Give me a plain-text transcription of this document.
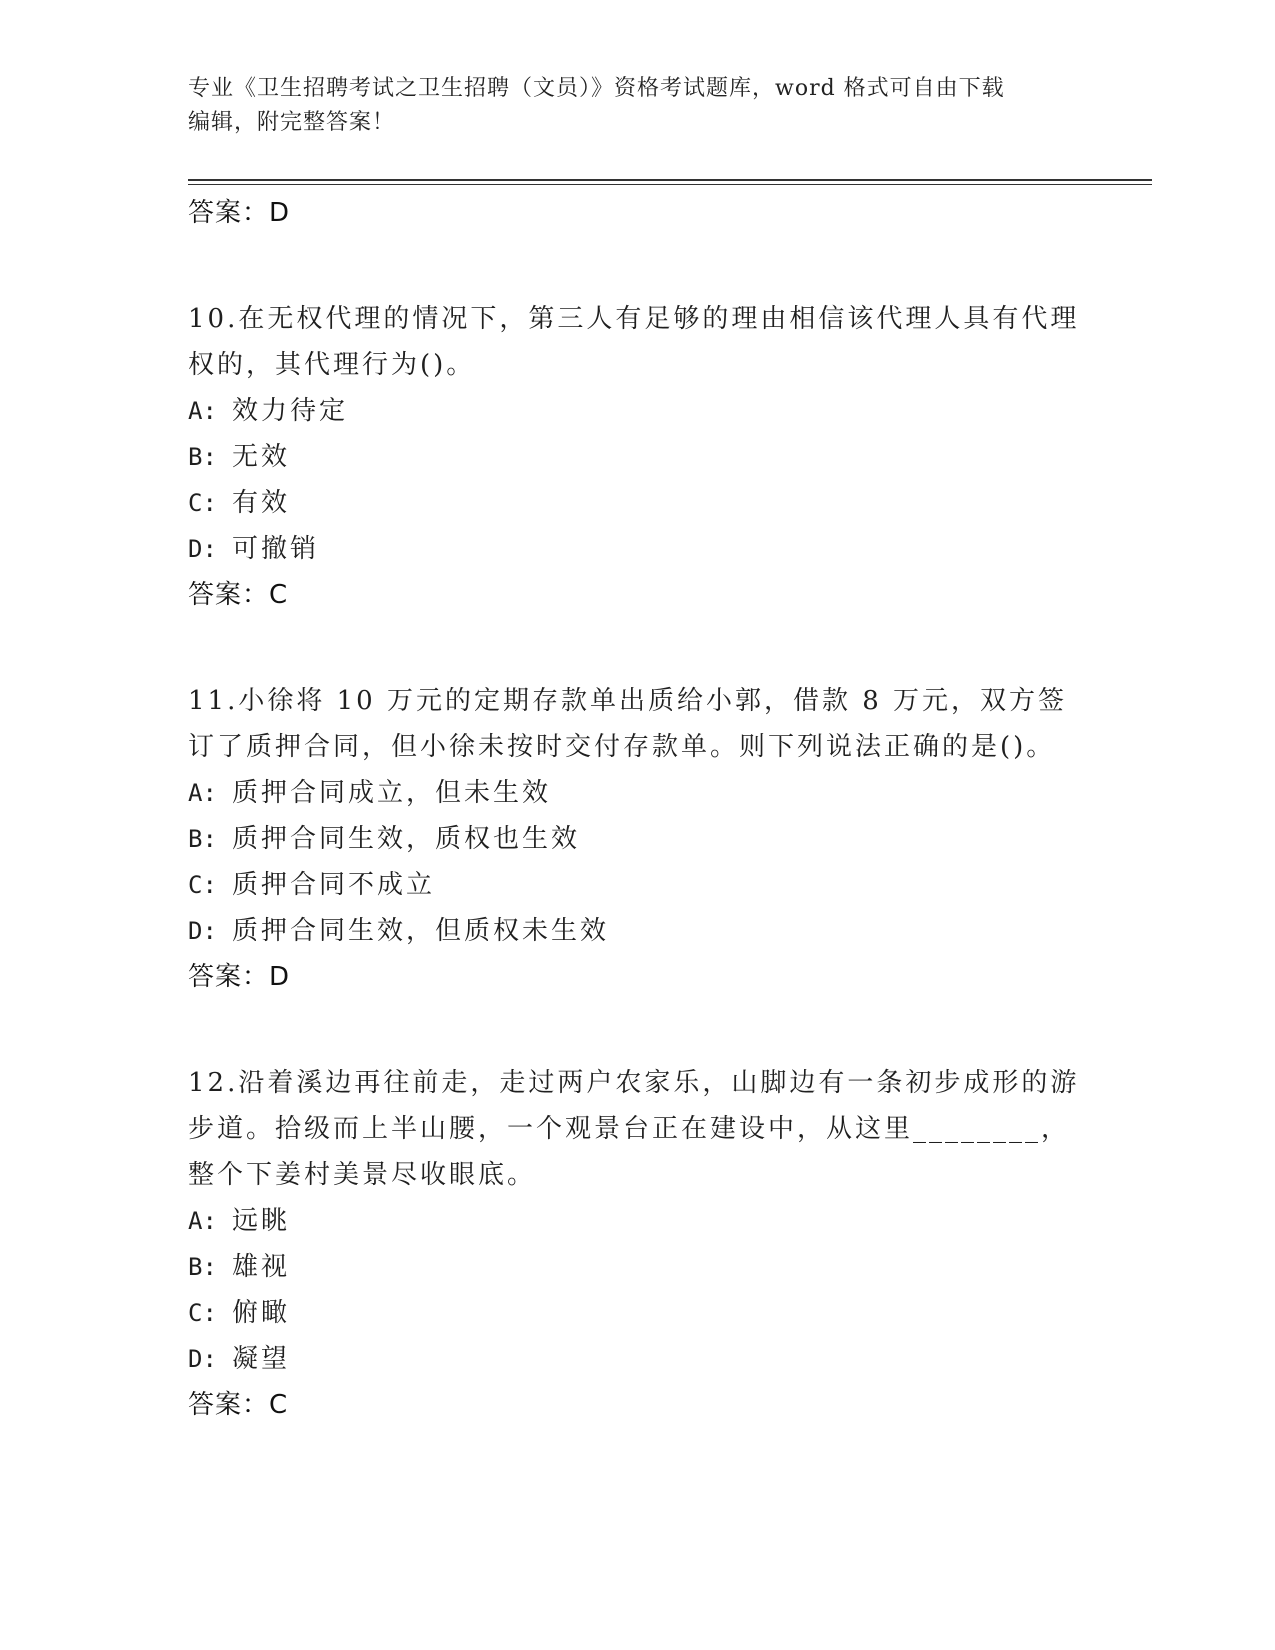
专业《卫生招聘考试之卫生招聘（文员）》资格考试题库，word 格式可自由下载
编辑，附完整答案！
答案：D

10.在无权代理的情况下，第三人有足够的理由相信该代理人具有代理权的，其代理行为()。

A: 效力待定
B: 无效
C: 有效
D: 可撤销
答案：C

11.小徐将 10 万元的定期存款单出质给小郭，借款 8 万元，双方签订了质押合同，但小徐未按时交付存款单。则下列说法正确的是()。

A: 质押合同成立，但未生效
B: 质押合同生效，质权也生效
C: 质押合同不成立
D: 质押合同生效，但质权未生效
答案：D

12.沿着溪边再往前走，走过两户农家乐，山脚边有一条初步成形的游步道。拾级而上半山腰，一个观景台正在建设中，从这里________，整个下姜村美景尽收眼底。

A: 远眺
B: 雄视
C: 俯瞰
D: 凝望
答案：C
